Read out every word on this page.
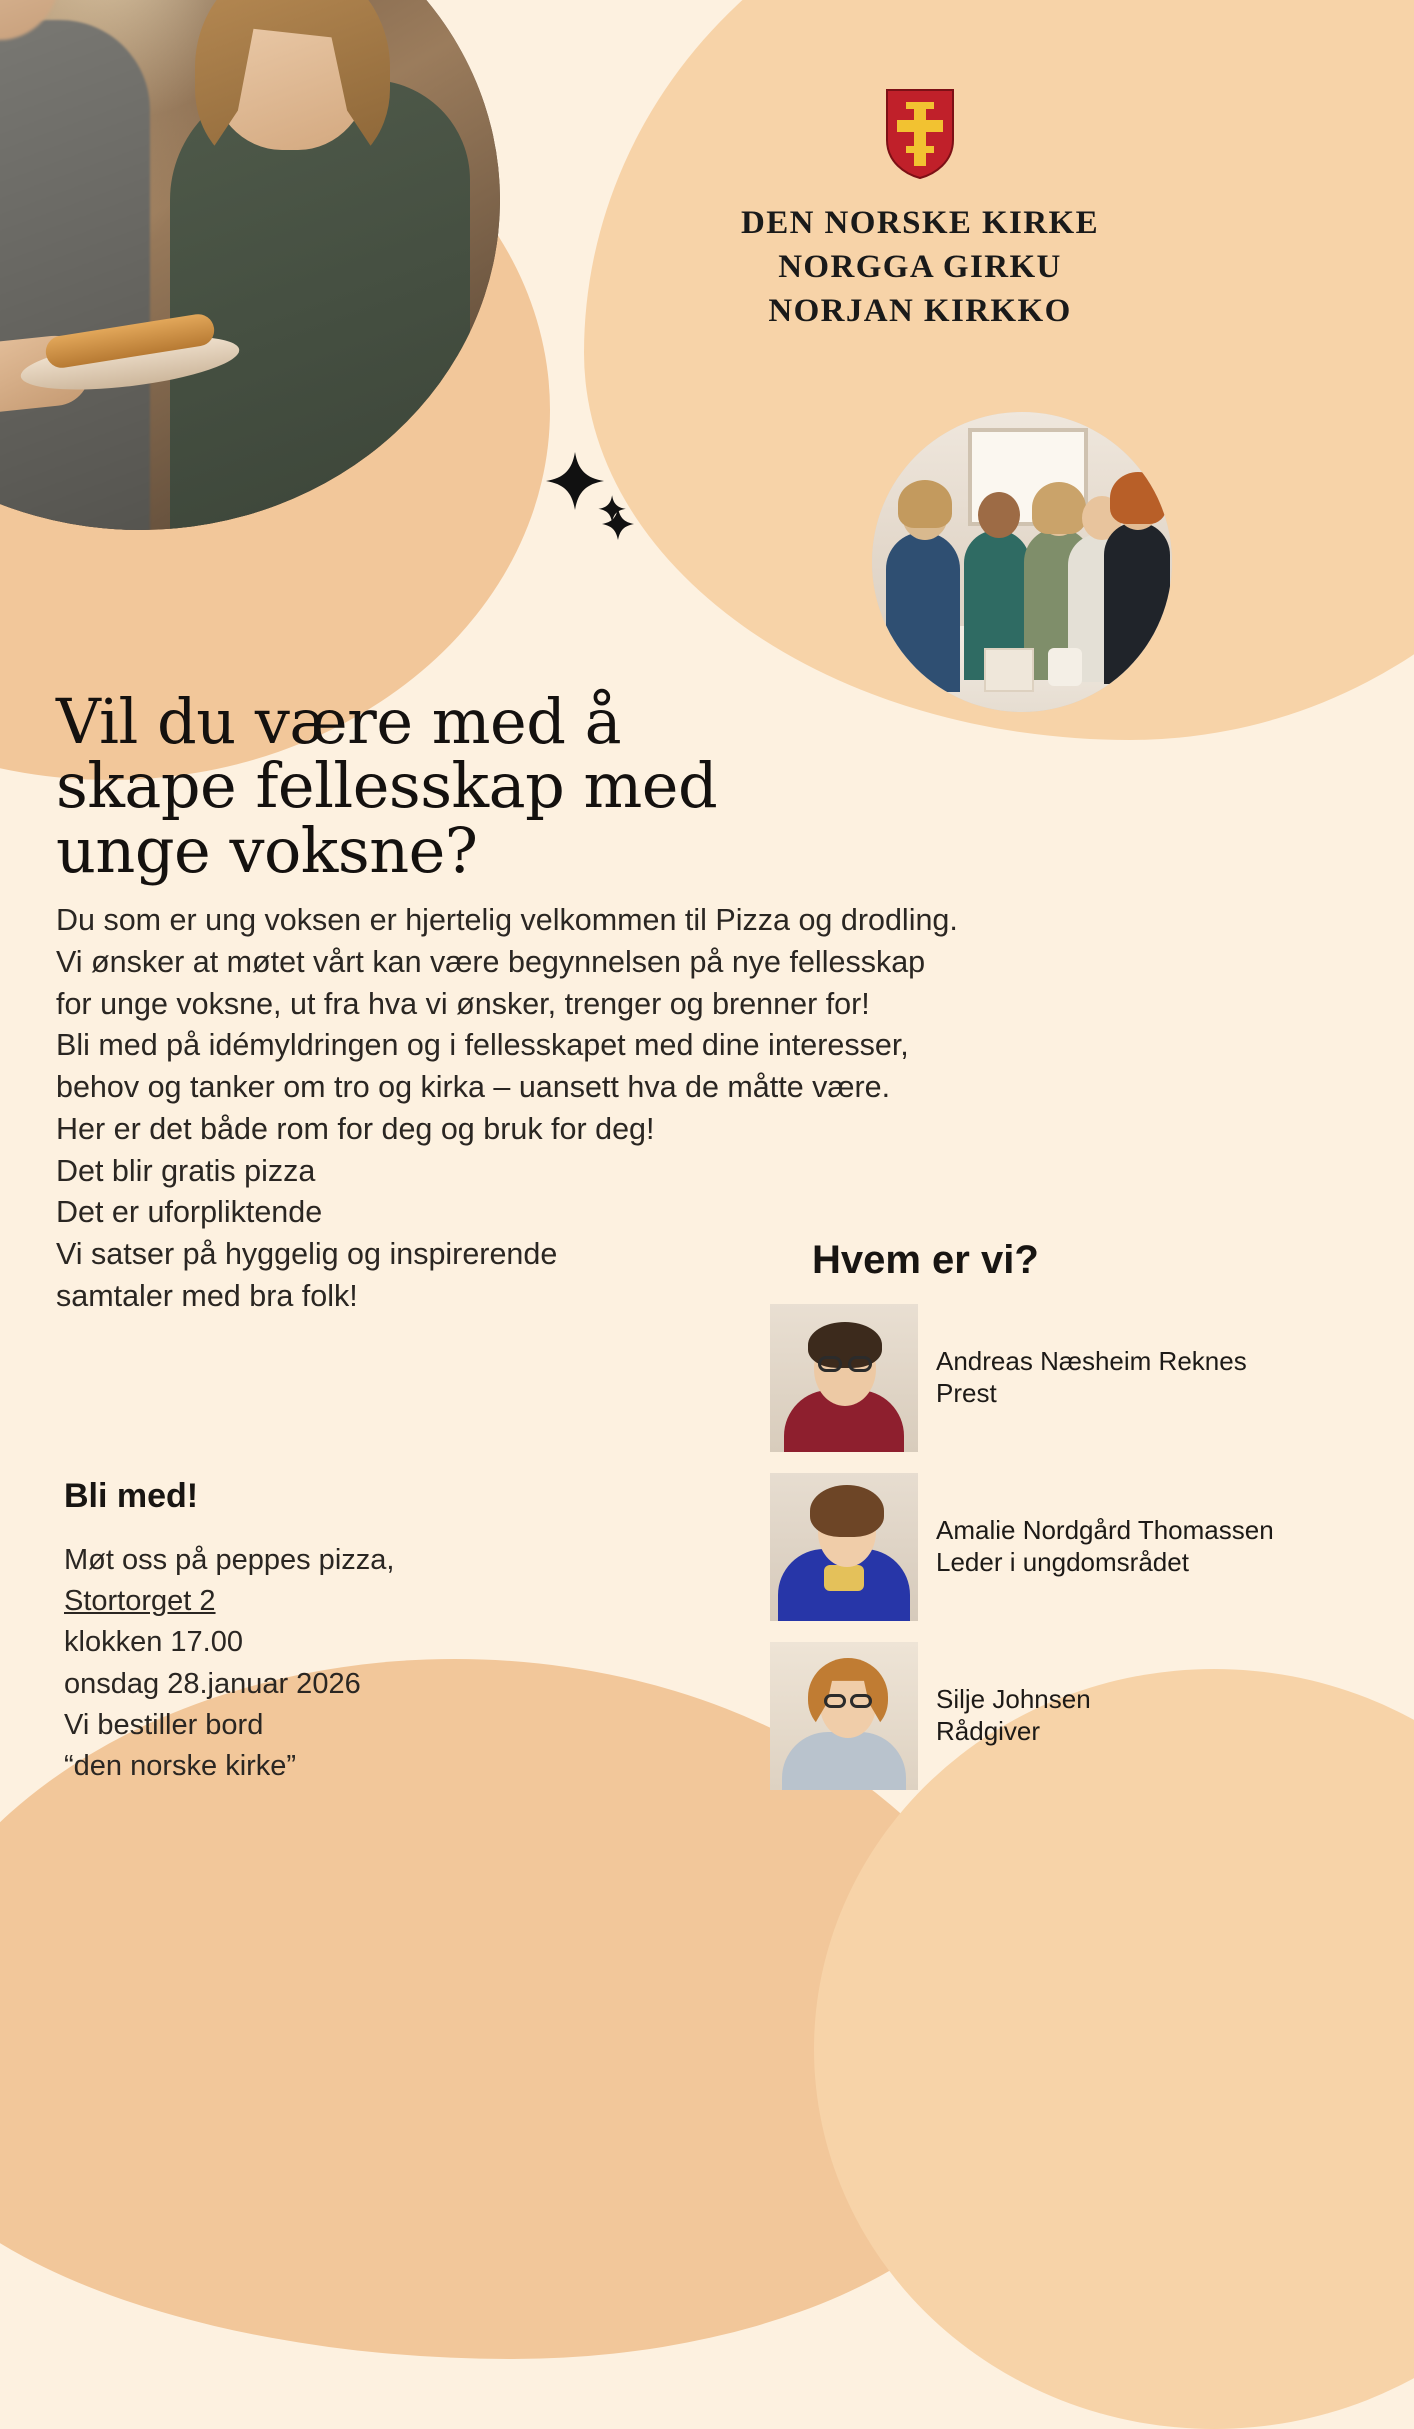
DEN NORSKE KIRKE
NORGGA GIRKU
NORJAN KIRKKO
Vil du være med å
skape fellesskap med
unge voksne?

Du som er ung voksen er hjertelig velkommen til Pizza og drodling.

Vi ønsker at møtet vårt kan være begynnelsen på nye fellesskap

for unge voksne, ut fra hva vi ønsker, trenger og brenner for!

Bli med på idémyldringen og i fellesskapet med dine interesser,

behov og tanker om tro og kirka – uansett hva de måtte være.

Her er det både rom for deg og bruk for deg!

Det blir gratis pizza

Det er uforpliktende

Vi satser på hyggelig og inspirerende

samtaler med bra folk!

Bli med!
Møt oss på peppes pizza,
Stortorget 2
klokken 17.00
onsdag 28.januar 2026
Vi bestiller bord
“den norske kirke”
Hvem er vi?
Andreas Næsheim Reknes
Prest
Amalie Nordgård Thomassen
Leder i ungdomsrådet
Silje Johnsen
Rådgiver
